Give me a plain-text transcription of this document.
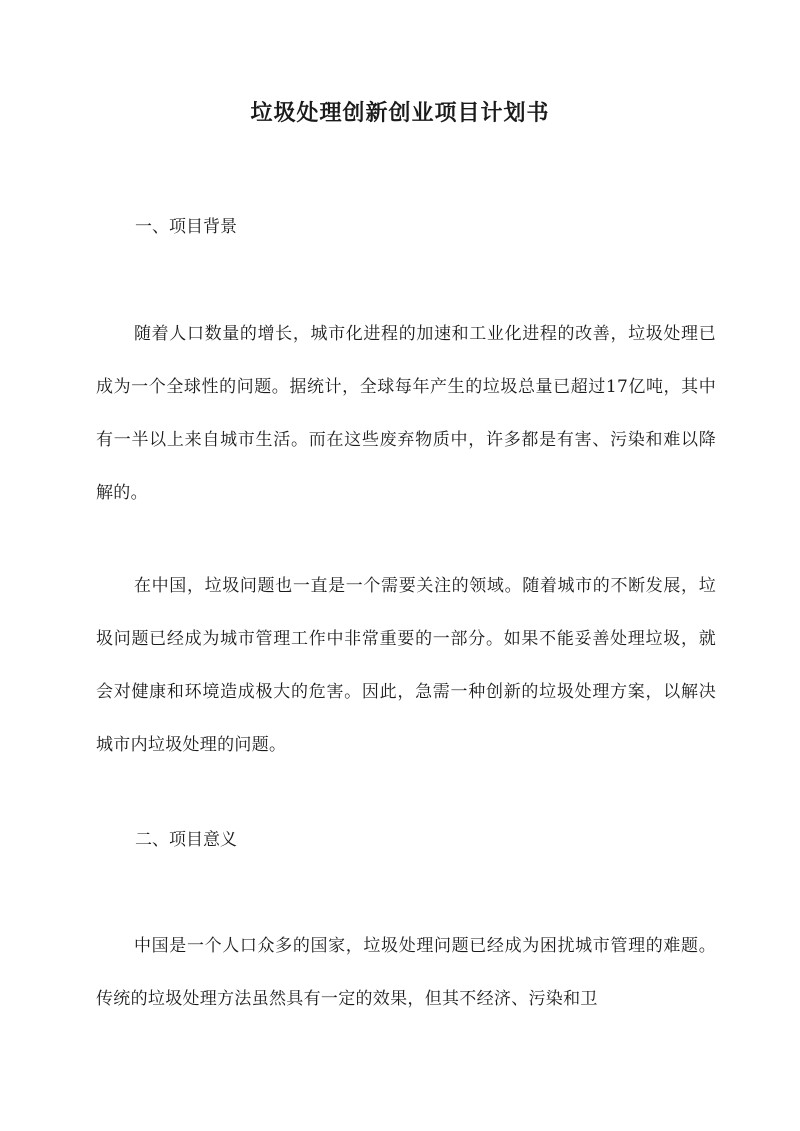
垃圾处理创新创业项目计划书
一、项目背景

随着人口数量的增长，城市化进程的加速和工业化进程的改善，垃圾处理已成为一个全球性的问题。据统计，全球每年产生的垃圾总量已超过17亿吨，其中有一半以上来自城市生活。而在这些废弃物质中，许多都是有害、污染和难以降解的。

在中国，垃圾问题也一直是一个需要关注的领域。随着城市的不断发展，垃圾问题已经成为城市管理工作中非常重要的一部分。如果不能妥善处理垃圾，就会对健康和环境造成极大的危害。因此，急需一种创新的垃圾处理方案，以解决城市内垃圾处理的问题。

二、项目意义

中国是一个人口众多的国家，垃圾处理问题已经成为困扰城市管理的难题。传统的垃圾处理方法虽然具有一定的效果，但其不经济、污染和卫
